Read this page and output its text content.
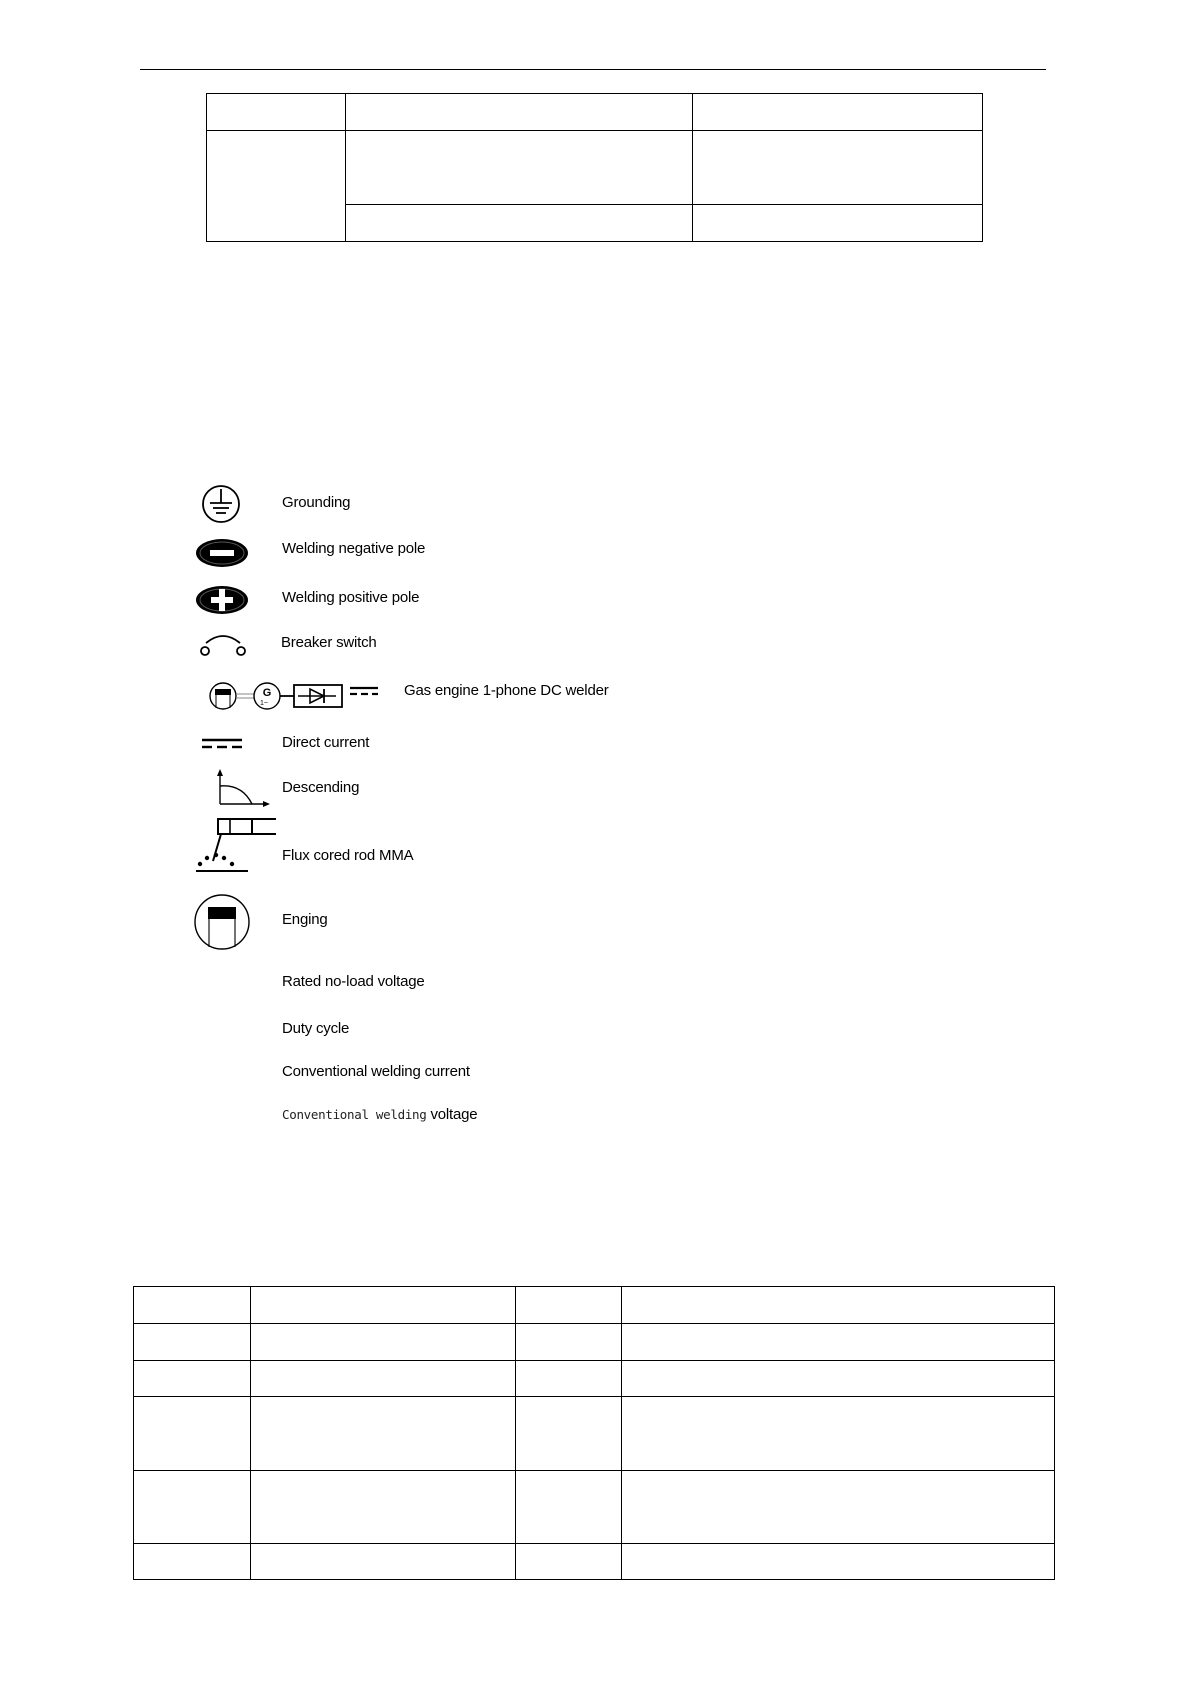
Grounding
Welding negative pole
Welding positive pole
Breaker switch
G
1~
Gas engine 1-phone DC welder
Direct current
Descending
Flux cored rod MMA
Enging
Rated no-load voltage
Duty cycle
Conventional welding current
Conventional welding voltage
